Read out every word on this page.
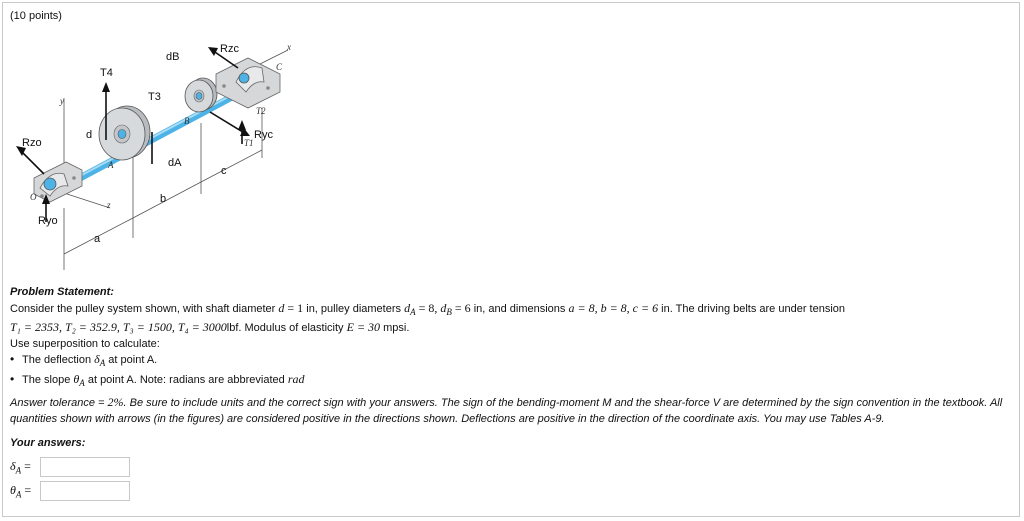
(10 points)
T4
dB
Rzc	x
C
y	T3
T2
B
Ryc
T1
d
Rzo
A	dA
c
O
z	b
Ryo
a
Problem Statement:
Consider the pulley system shown, with shaft diameter d = 1 in, pulley diameters $d_A = 8$, $d_B = 6$ in, and dimensions a = 8, b = 8, c = 6 in. The driving belts are under tension
T₁ = 2353, T₂ = 352.9, T₃ = 1500, T₄ = 3000lbf. Modulus of elasticity E = 30 mpsi.
Use superposition to calculate:
• The deflection $\delta_A$ at point A.
• The slope $\theta_A$ at point A. Note: radians are abbreviated rad
Answer tolerance = 2%. Be sure to include units and the correct sign with your answers. The sign of the bending-moment M and the shear-force V are determined by the sign convention in the textbook. All quantities shown with arrows (in the figures) are considered positive in the directions shown. Deflections are positive in the direction of the coordinate axis. You may use Tables A-9.
Your answers:
$\delta_A$ =
$\theta_A$ =
